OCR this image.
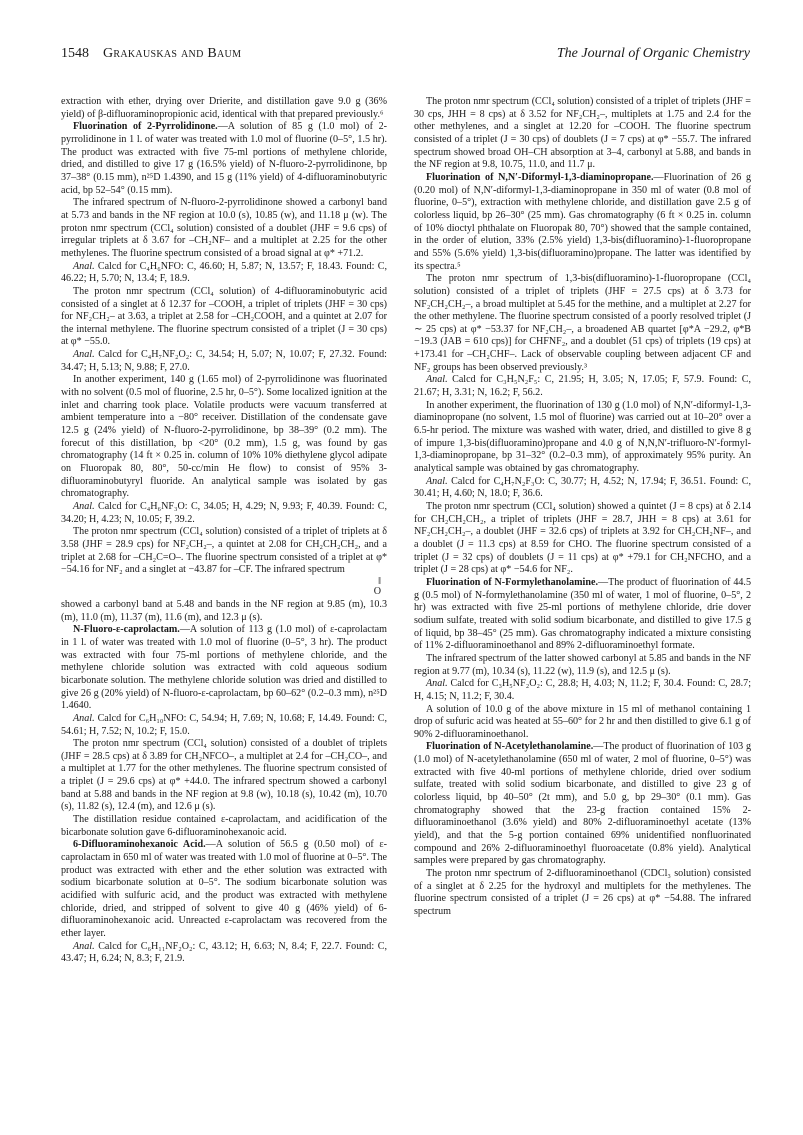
1548 Grakauskas and Baum	The Journal of Organic Chemistry

extraction with ether, drying over Drierite, and distillation gave 9.0 g (36% yield) of β-difluoraminopropionic acid, identical with that prepared previously.⁶

Fluorination of 2-Pyrrolidinone.—A solution of 85 g (1.0 mol) of 2-pyrrolidinone in 1 l. of water was treated with 1.0 mol of fluorine (0–5°, 1.5 hr). The product was extracted with five 75-ml portions of methylene chloride, dried, and distilled to give 17 g (16.5% yield) of N-fluoro-2-pyrrolidinone, bp 37–38° (0.15 mm), n²⁵D 1.4390, and 15 g (11% yield) of 4-difluoraminobutyric acid, bp 52–54° (0.15 mm).

The infrared spectrum of N-fluoro-2-pyrrolidinone showed a carbonyl band at 5.73 and bands in the NF region at 10.0 (s), 10.85 (w), and 11.18 μ (w). The proton nmr spectrum (CCl₄ solution) consisted of a doublet (JHF = 9.6 cps) of irregular triplets at δ 3.67 for –CH₂NF– and a multiplet at 2.25 for the other methylenes. The fluorine spectrum consisted of a broad signal at φ* +71.2.

Anal. Calcd for C₄H₆NFO: C, 46.60; H, 5.87; N, 13.57; F, 18.43. Found: C, 46.22; H, 5.70; N, 13.4; F, 18.9.

The proton nmr spectrum (CCl₄ solution) of 4-difluoraminobutyric acid consisted of a singlet at δ 12.37 for –COOH, a triplet of triplets (JHF = 30 cps) for NF₂CH₂– at 3.63, a triplet at 2.58 for –CH₂COOH, and a quintet at 2.07 for the internal methylene. The fluorine spectrum consisted of a triplet (J = 30 cps) at φ* −55.0.

Anal. Calcd for C₄H₇NF₂O₂: C, 34.54; H, 5.07; N, 10.07; F, 27.32. Found: 34.47; H, 5.13; N, 9.88; F, 27.0.

In another experiment, 140 g (1.65 mol) of 2-pyrrolidinone was fluorinated with no solvent (0.5 mol of fluorine, 2.5 hr, 0–5°). Some localized ignition at the inlet and charring took place. Volatile products were vacuum transferred at ambient temperature into a −80° receiver. Distillation of the condensate gave 12.5 g (24% yield) of N-fluoro-2-pyrrolidinone, bp 38–39° (0.2 mm). The forecut of this distillation, bp <20° (0.2 mm), 1.5 g, was found by gas chromatography (14 ft × 0.25 in. column of 10% 10% diethylene glycol adipate on Fluoropak 80, 80°, 50-cc/min He flow) to consist of 95% 3-difluoraminobutyryl fluoride. An analytical sample was isolated by gas chromatography.

Anal. Calcd for C₄H₆NF₃O: C, 34.05; H, 4.29; N, 9.93; F, 40.39. Found: C, 34.20; H, 4.23; N, 10.05; F, 39.2.

The proton nmr spectrum (CCl₄ solution) consisted of a triplet of triplets at δ 3.58 (JHF = 28.9 cps) for NF₂CH₂–, a quintet at 2.08 for CH₂CH₂CH₂, and a triplet at 2.68 for –CH₂C=O–. The fluorine spectrum consisted of a triplet at φ* −54.16 for NF₂ and a singlet at −43.87 for –CF. The infrared spectrum

‖
O

showed a carbonyl band at 5.48 and bands in the NF region at 9.85 (m), 10.3 (m), 11.0 (m), 11.37 (m), 11.6 (m), and 12.3 μ (s).

N-Fluoro-ε-caprolactam.—A solution of 113 g (1.0 mol) of ε-caprolactam in 1 l. of water was treated with 1.0 mol of fluorine (0–5°, 3 hr). The product was extracted with four 75-ml portions of methylene chloride, and the methylene chloride solution was extracted with cold aqueous sodium bicarbonate solution. The methylene chloride solution was dried and distilled to give 26 g (20% yield) of N-fluoro-ε-caprolactam, bp 60–62° (0.2–0.3 mm), n²⁵D 1.4640.

Anal. Calcd for C₆H₁₀NFO: C, 54.94; H, 7.69; N, 10.68; F, 14.49. Found: C, 54.61; H, 7.52; N, 10.2; F, 15.0.

The proton nmr spectrum (CCl₄ solution) consisted of a doublet of triplets (JHF = 28.5 cps) at δ 3.89 for CH₂NFCO–, a multiplet at 2.4 for –CH₂CO–, and a multiplet at 1.77 for the other methylenes. The fluorine spectrum consisted of a triplet (J = 29.6 cps) at φ* +44.0. The infrared spectrum showed a carbonyl band at 5.88 and bands in the NF region at 9.8 (w), 10.18 (s), 10.42 (m), 10.70 (s), 11.82 (s), 12.4 (m), and 12.6 μ (s).

The distillation residue contained ε-caprolactam, and acidification of the bicarbonate solution gave 6-difluoraminohexanoic acid.

6-Difluoraminohexanoic Acid.—A solution of 56.5 g (0.50 mol) of ε-caprolactam in 650 ml of water was treated with 1.0 mol of fluorine at 0–5°. The product was extracted with ether and the ether solution was extracted with sodium bicarbonate solution at 0–5°. The sodium bicarbonate solution was acidified with sulfuric acid, and the product was extracted with methylene chloride, dried, and stripped of solvent to give 40 g (46% yield) of 6-difluoraminohexanoic acid. Unreacted ε-caprolactam was recovered from the ether layer.

Anal. Calcd for C₆H₁₁NF₂O₂: C, 43.12; H, 6.63; N, 8.4; F, 22.7. Found: C, 43.47; H, 6.24; N, 8.3; F, 21.9.

The proton nmr spectrum (CCl₄ solution) consisted of a triplet of triplets (JHF = 30 cps, JHH = 8 cps) at δ 3.52 for NF₂CH₂–, multiplets at 1.75 and 2.4 for the other methylenes, and a singlet at 12.20 for –COOH. The fluorine spectrum consisted of a triplet (J = 30 cps) of doublets (J = 7 cps) at φ* −55.7. The infrared spectrum showed broad OH–CH absorption at 3–4, carbonyl at 5.88, and bands in the NF region at 9.8, 10.75, 11.0, and 11.7 μ.

Fluorination of N,N′-Diformyl-1,3-diaminopropane.—Fluorination of 26 g (0.20 mol) of N,N′-diformyl-1,3-diaminopropane in 350 ml of water (0.8 mol of fluorine, 0–5°), extraction with methylene chloride, and distillation gave 2.5 g of colorless liquid, bp 26–30° (25 mm). Gas chromatography (6 ft × 0.25 in. column of 10% dioctyl phthalate on Fluoropak 80, 70°) showed that the sample contained, in the order of elution, 33% (2.5% yield) 1,3-bis(difluoramino)-1-fluoropropane and 55% (5.6% yield) 1,3-bis(difluoramino)propane. The latter was identified by its spectra.⁵

The proton nmr spectrum of 1,3-bis(difluoramino)-1-fluoropropane (CCl₄ solution) consisted of a triplet of triplets (JHF = 27.5 cps) at δ 3.73 for NF₂CH₂CH₂–, a broad multiplet at 5.45 for the methine, and a multiplet at 2.27 for the other methylene. The fluorine spectrum consisted of a poorly resolved triplet (J ∼ 25 cps) at φ* −53.37 for NF₂CH₂–, a broadened AB quartet [φ*A −29.2, φ*B −19.3 (JAB = 610 cps)] for CHFNF₂, and a doublet (51 cps) of triplets (19 cps) at +173.41 for –CH₂CHF–. Lack of observable coupling between adjacent CF and NF₂ groups has been observed previously.³

Anal. Calcd for C₃H₅N₂F₅: C, 21.95; H, 3.05; N, 17.05; F, 57.9. Found: C, 21.67; H, 3.31; N, 16.2; F, 56.2.

In another experiment, the fluorination of 130 g (1.0 mol) of N,N′-diformyl-1,3-diaminopropane (no solvent, 1.5 mol of fluorine) was carried out at 10–20° over a 6.5-hr period. The mixture was washed with water, dried, and distilled to give 8 g of impure 1,3-bis(difluoramino)propane and 4.0 g of N,N,N′-trifluoro-N′-formyl-1,3-diaminopropane, bp 31–32° (0.2–0.3 mm), of approximately 95% purity. An analytical sample was obtained by gas chromatography.

Anal. Calcd for C₄H₇N₂F₃O: C, 30.77; H, 4.52; N, 17.94; F, 36.51. Found: C, 30.41; H, 4.60; N, 18.0; F, 36.6.

The proton nmr spectrum (CCl₄ solution) showed a quintet (J = 8 cps) at δ 2.14 for CH₂CH₂CH₂, a triplet of triplets (JHF = 28.7, JHH = 8 cps) at 3.61 for NF₂CH₂CH₂–, a doublet (JHF = 32.6 cps) of triplets at 3.92 for CH₂CH₂NF–, and a doublet (J = 11.3 cps) at 8.59 for CHO. The fluorine spectrum consisted of a triplet (J = 32 cps) of doublets (J = 11 cps) at φ* +79.1 for CH₂NFCHO, and a triplet (J = 28 cps) at φ* −54.6 for NF₂.

Fluorination of N-Formylethanolamine.—The product of fluorination of 44.5 g (0.5 mol) of N-formylethanolamine (350 ml of water, 1 mol of fluorine, 0–5°, 2 hr) was extracted with five 25-ml portions of methylene chloride, drie dover sodium sulfate, treated with solid sodium bicarbonate, and distilled to give 17.5 g of liquid, bp 38–45° (25 mm). Gas chromatography indicated a mixture consisting of 11% 2-difluoraminoethanol and 89% 2-difluoraminoethyl formate.

The infrared spectrum of the latter showed carbonyl at 5.85 and bands in the NF region at 9.77 (m), 10.34 (s), 11.22 (w), 11.9 (s), and 12.5 μ (s).

Anal. Calcd for C₃H₅NF₂O₂: C, 28.8; H, 4.03; N, 11.2; F, 30.4. Found: C, 28.7; H, 4.15; N, 11.2; F, 30.4.

A solution of 10.0 g of the above mixture in 15 ml of methanol containing 1 drop of sufuric acid was heated at 55–60° for 2 hr and then distilled to give 6.1 g of 90% 2-difluoraminoethanol.

Fluorination of N-Acetylethanolamine.—The product of fluorination of 103 g (1.0 mol) of N-acetylethanolamine (650 ml of water, 2 mol of fluorine, 0–5°) was extracted with five 40-ml portions of methylene chloride, dried over sodium sulfate, treated with solid sodium bicarbonate, and distilled to give 23 g of colorless liquid, bp 40–50° (2t mm), and 5.0 g, bp 29–30° (0.1 mm). Gas chromatography showed that the 23-g fraction contained 15% 2-difluoraminoethanol (3.6% yield) and 80% 2-difluoraminoethyl acetate (13% yield), and that the 5-g portion contained 69% unidentified nonfluorinated compound and 26% 2-difluoraminoethyl fluoroacetate (0.8% yield). Analytical samples were prepared by gas chromatography.

The proton nmr spectrum of 2-difluoraminoethanol (CDCl₃ solution) consisted of a singlet at δ 2.25 for the hydroxyl and multiplets for the methylenes. The fluorine spectrum consisted of a triplet (J = 26 cps) at φ* −54.88. The infrared spectrum
